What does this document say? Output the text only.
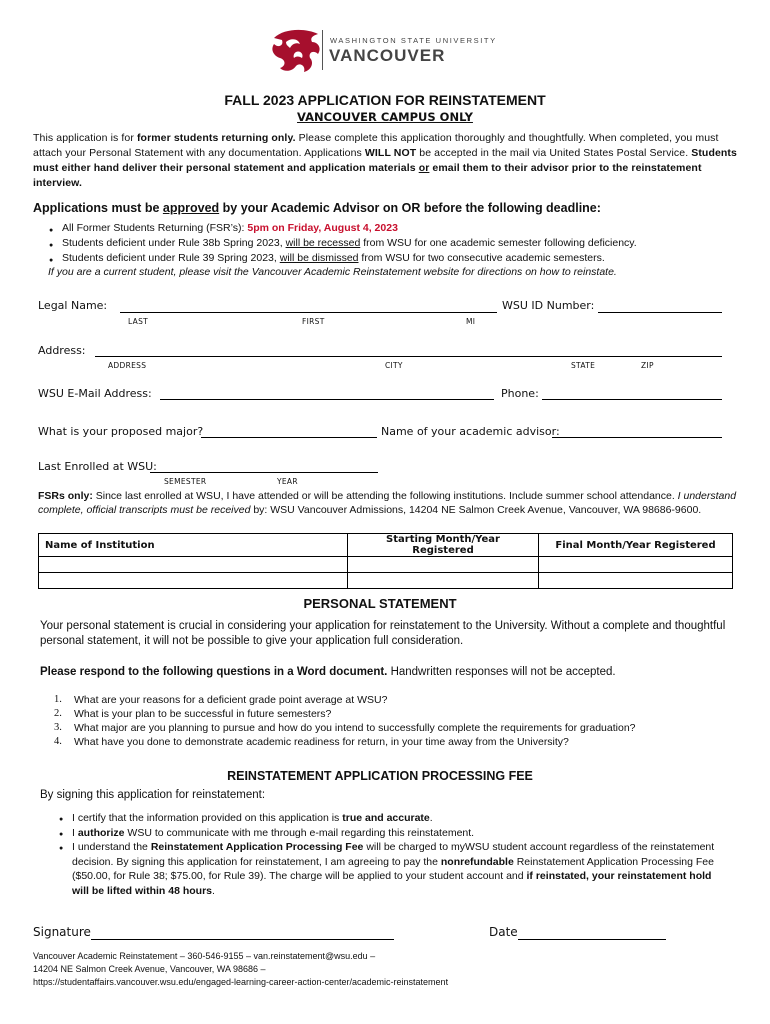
WASHINGTON STATE UNIVERSITY
VANCOUVER
FALL 2023 APPLICATION FOR REINSTATEMENT
VANCOUVER CAMPUS ONLY
This application is for former students returning only. Please complete this application thoroughly and thoughtfully. When completed, you must attach your Personal Statement with any documentation. Applications WILL NOT be accepted in the mail via United States Postal Service. Students must either hand deliver their personal statement and application materials or email them to their advisor prior to the reinstatement interview.
Applications must be approved by your Academic Advisor on OR before the following deadline:
● All Former Students Returning (FSR’s): 5pm on Friday, August 4, 2023
● Students deficient under Rule 38b Spring 2023, will be recessed from WSU for one academic semester following deficiency.
● Students deficient under Rule 39 Spring 2023, will be dismissed from WSU for two consecutive academic semesters.
If you are a current student, please visit the Vancouver Academic Reinstatement website for directions on how to reinstate.
Legal Name:
LAST	FIRST	MI
WSU ID Number:
Address:
ADDRESS	CITY	STATE	ZIP
WSU E-Mail Address:	Phone:
What is your proposed major?	Name of your academic advisor:
Last Enrolled at WSU:
SEMESTER	YEAR
FSRs only: Since last enrolled at WSU, I have attended or will be attending the following institutions. Include summer school attendance. I understand complete, official transcripts must be received by: WSU Vancouver Admissions, 14204 NE Salmon Creek Avenue, Vancouver, WA 98686-9600.
Name of Institution	Starting Month/Year Registered	Final Month/Year Registered

PERSONAL STATEMENT
Your personal statement is crucial in considering your application for reinstatement to the University. Without a complete and thoughtful personal statement, it will not be possible to give your application full consideration.
Please respond to the following questions in a Word document. Handwritten responses will not be accepted.
1. What are your reasons for a deficient grade point average at WSU?
2. What is your plan to be successful in future semesters?
3. What major are you planning to pursue and how do you intend to successfully complete the requirements for graduation?
4. What have you done to demonstrate academic readiness for return, in your time away from the University?
REINSTATEMENT APPLICATION PROCESSING FEE
By signing this application for reinstatement:
● I certify that the information provided on this application is true and accurate.
● I authorize WSU to communicate with me through e-mail regarding this reinstatement.
● I understand the Reinstatement Application Processing Fee will be charged to myWSU student account regardless of the reinstatement decision. By signing this application for reinstatement, I am agreeing to pay the nonrefundable Reinstatement Application Processing Fee ($50.00, for Rule 38; $75.00, for Rule 39). The charge will be applied to your student account and if reinstated, your reinstatement hold will be lifted within 48 hours.
Signature	Date
Vancouver Academic Reinstatement – 360-546-9155 – van.reinstatement@wsu.edu –
14204 NE Salmon Creek Avenue, Vancouver, WA 98686 –
https://studentaffairs.vancouver.wsu.edu/engaged-learning-career-action-center/academic-reinstatement
